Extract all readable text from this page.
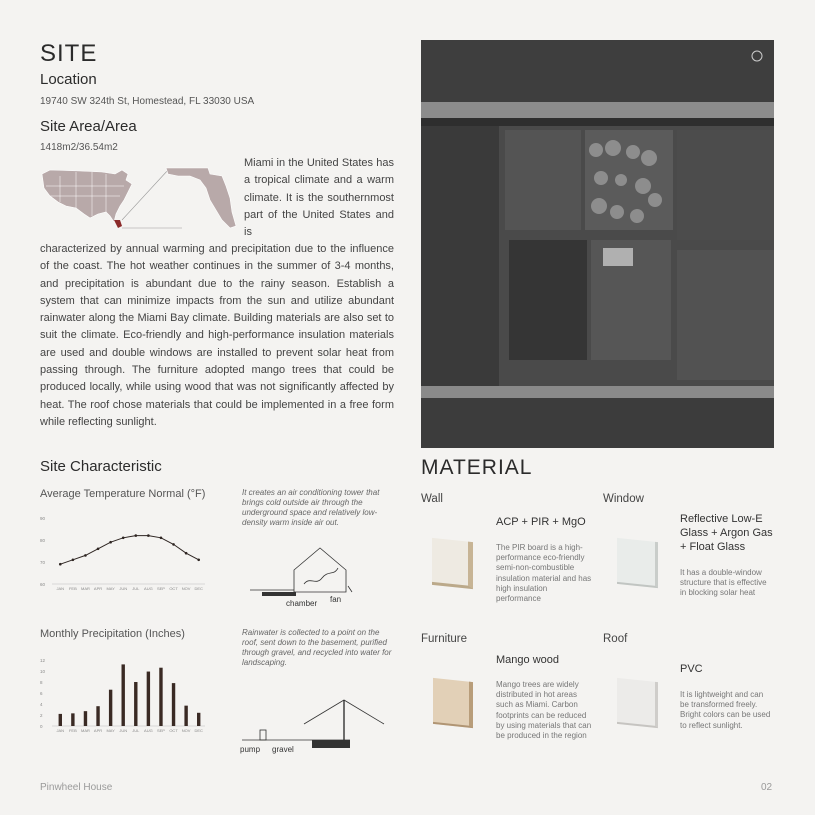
SITE
Location
19740 SW 324th St, Homestead, FL 33030 USA
Site Area/Area
1418m2/36.54m2
Miami in the United States has a tropical climate and a warm climate. It is the southernmost part of the United States and is
characterized by annual warming and precipitation due to the influence of the coast. The hot weather continues in the summer of 3-4 months, and precipitation is abundant due to the rainy season. Establish a system that can minimize impacts from the sun and utilize abundant rainwater along the Miami Bay climate. Building materials are also set to suit the climate. Eco-friendly and high-performance insulation materials are used and double windows are installed to prevent solar heat from passing through. The furniture adopted mango trees that could be produced locally, while using wood that was not significantly affected by heat. The roof chose materials that could be implemented in a free form while reflecting sunlight.
Site Characteristic
Average Temperature Normal (°F)	It creates an air conditioning tower that brings cold outside air through the underground space and relatively low-density warm inside air out.
60
70
80
90
JAN FEB MAR APR MAY JUN JUL AUG SEP OCT NOV DEC
chamber fan
Monthly Precipitation (Inches)	Rainwater is collected to a point on the roof, sent down to the basement, purified through gravel, and recycled into water for landscaping.
0
2
4
6
8
10
12
JAN FEB MAR APR MAY JUN JUL AUG SEP OCT NOV DEC
pump gravel
MATERIAL
Wall
ACP + PIR + MgO
The PIR board is a high-performance eco-friendly semi-non-combustible insulation material and has high insulation performance
Window
Reflective Low-E Glass + Argon Gas + Float Glass
It has a double-window structure that is effective in blocking solar heat
Furniture
Mango wood
Mango trees are widely distributed in hot areas such as Miami. Carbon footprints can be reduced by using materials that can be produced in the region
Roof
PVC
It is lightweight and can be transformed freely. Bright colors can be used to reflect sunlight.
Pinwheel House	02
